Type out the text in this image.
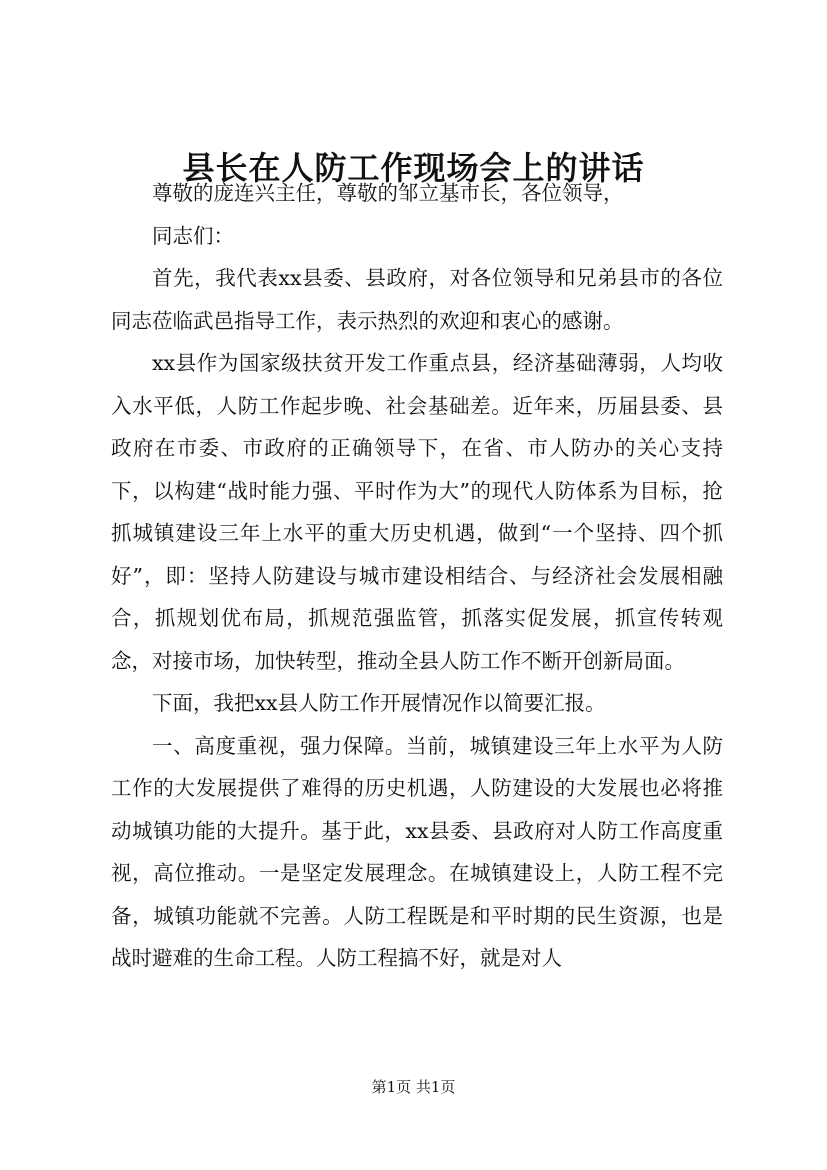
县长在人防工作现场会上的讲话

尊敬的庞连兴主任，尊敬的邹立基市长，各位领导，

同志们：

首先，我代表xx县委、县政府，对各位领导和兄弟县市的各位同志莅临武邑指导工作，表示热烈的欢迎和衷心的感谢。

xx县作为国家级扶贫开发工作重点县，经济基础薄弱，人均收入水平低，人防工作起步晚、社会基础差。近年来，历届县委、县政府在市委、市政府的正确领导下，在省、市人防办的关心支持下，以构建“战时能力强、平时作为大”的现代人防体系为目标，抢抓城镇建设三年上水平的重大历史机遇，做到“一个坚持、四个抓好”，即：坚持人防建设与城市建设相结合、与经济社会发展相融合，抓规划优布局，抓规范强监管，抓落实促发展，抓宣传转观念，对接市场，加快转型，推动全县人防工作不断开创新局面。

下面，我把xx县人防工作开展情况作以简要汇报。

一、高度重视，强力保障。当前，城镇建设三年上水平为人防工作的大发展提供了难得的历史机遇，人防建设的大发展也必将推动城镇功能的大提升。基于此，xx县委、县政府对人防工作高度重视，高位推动。一是坚定发展理念。在城镇建设上，人防工程不完备，城镇功能就不完善。人防工程既是和平时期的民生资源，也是战时避难的生命工程。人防工程搞不好，就是对人

第1页 共1页
